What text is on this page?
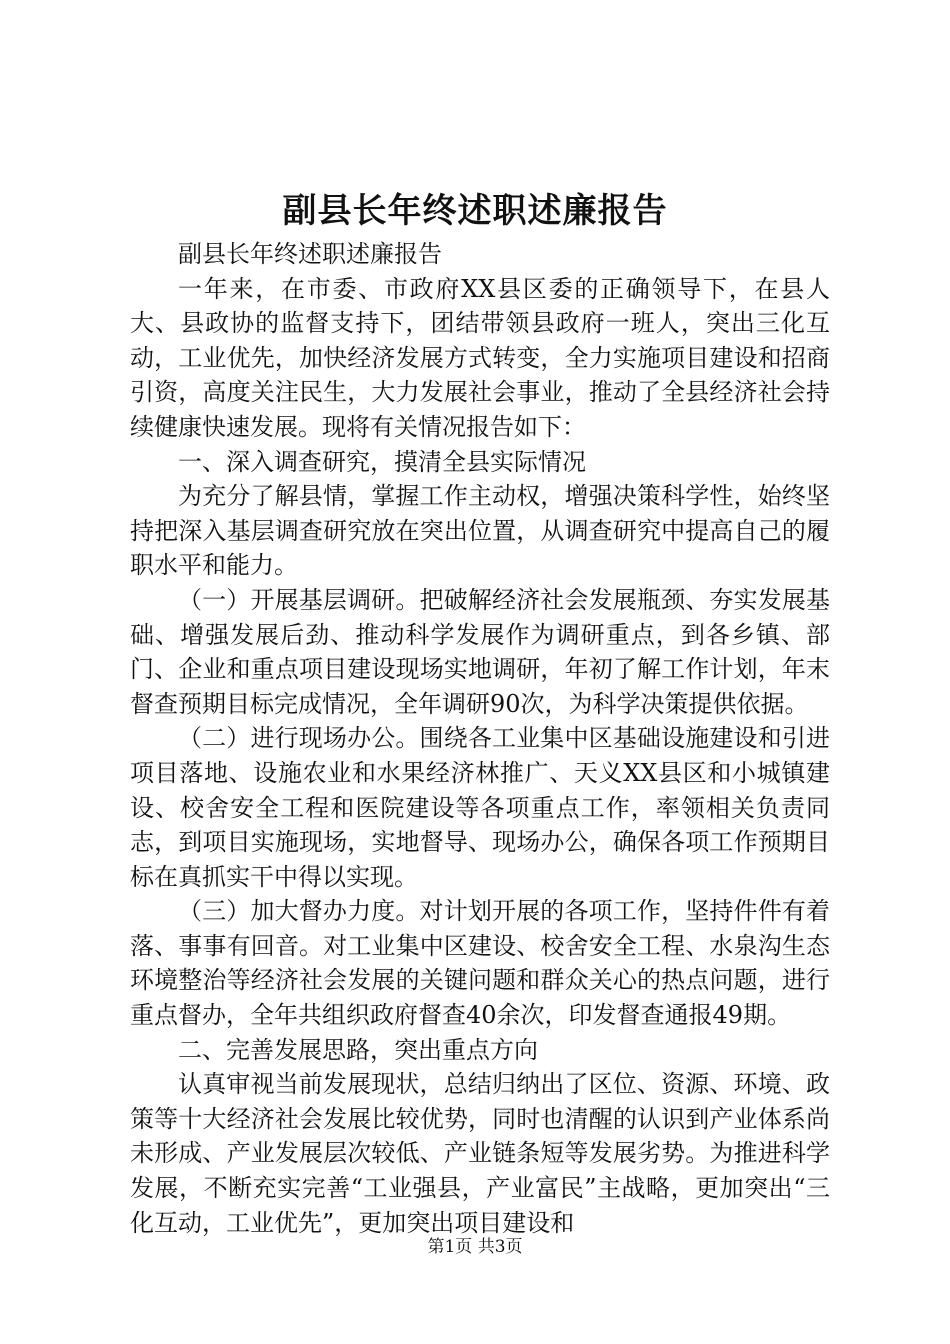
副县长年终述职述廉报告

副县长年终述职述廉报告

一年来，在市委、市政府XX县区委的正确领导下，在县人大、县政协的监督支持下，团结带领县政府一班人，突出三化互动，工业优先，加快经济发展方式转变，全力实施项目建设和招商引资，高度关注民生，大力发展社会事业，推动了全县经济社会持续健康快速发展。现将有关情况报告如下：

一、深入调查研究，摸清全县实际情况

为充分了解县情，掌握工作主动权，增强决策科学性，始终坚持把深入基层调查研究放在突出位置，从调查研究中提高自己的履职水平和能力。

（一）开展基层调研。把破解经济社会发展瓶颈、夯实发展基础、增强发展后劲、推动科学发展作为调研重点，到各乡镇、部门、企业和重点项目建设现场实地调研，年初了解工作计划，年末督查预期目标完成情况，全年调研90次，为科学决策提供依据。

（二）进行现场办公。围绕各工业集中区基础设施建设和引进项目落地、设施农业和水果经济林推广、天义XX县区和小城镇建设、校舍安全工程和医院建设等各项重点工作，率领相关负责同志，到项目实施现场，实地督导、现场办公，确保各项工作预期目标在真抓实干中得以实现。

（三）加大督办力度。对计划开展的各项工作，坚持件件有着落、事事有回音。对工业集中区建设、校舍安全工程、水泉沟生态环境整治等经济社会发展的关键问题和群众关心的热点问题，进行重点督办，全年共组织政府督查40余次，印发督查通报49期。

二、完善发展思路，突出重点方向

认真审视当前发展现状，总结归纳出了区位、资源、环境、政策等十大经济社会发展比较优势，同时也清醒的认识到产业体系尚未形成、产业发展层次较低、产业链条短等发展劣势。为推进科学发展，不断充实完善“工业强县，产业富民”主战略，更加突出“三化互动，工业优先”，更加突出项目建设和

第1页 共3页
